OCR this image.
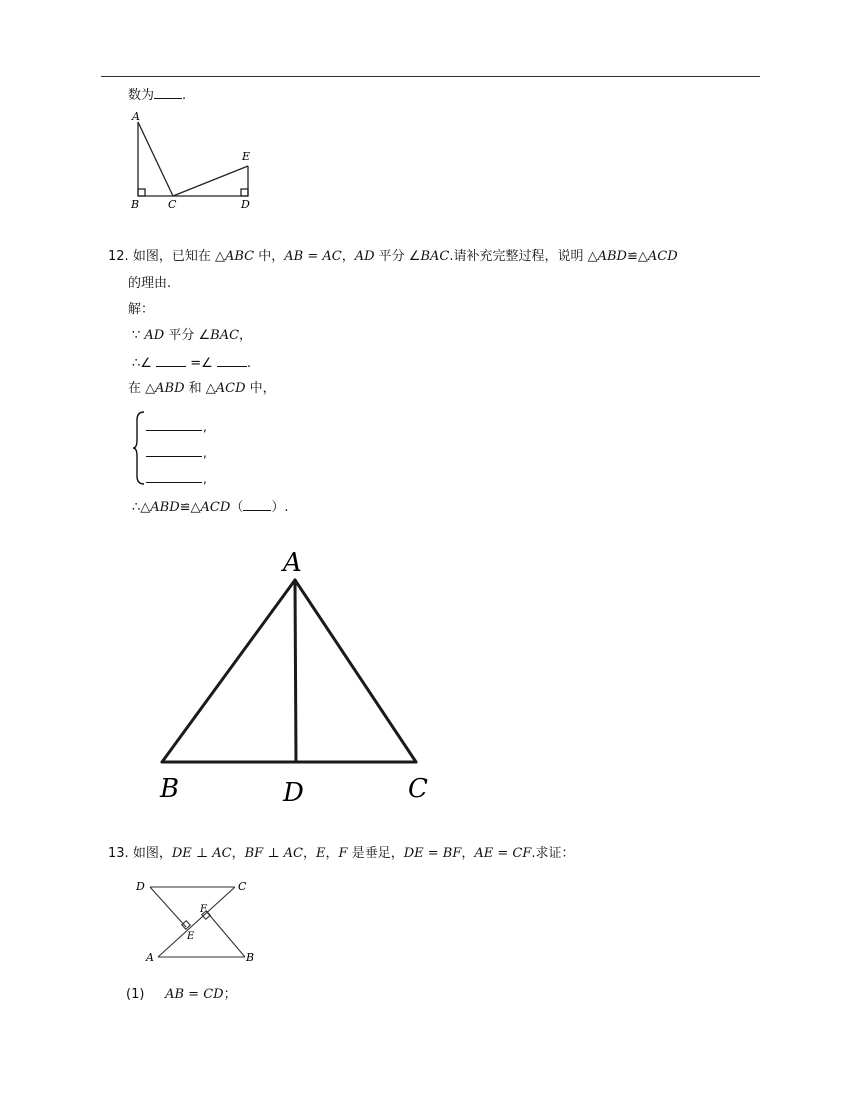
数为 .
A
E
B	C	D
12. 如图，已知在 △ABC 中，AB = AC，AD 平分 ∠BAC.请补充完整过程，说明 △ABD≌△ACD
的理由.
解：
∵ AD 平分 ∠BAC，
∴∠	=∠	.
在 △ABD 和 △ACD 中，
,
,
,
∴△ABD≌△ACD（ ）.
A
B	D	C
13. 如图，DE ⊥ AC，BF ⊥ AC，E，F 是垂足，DE = BF，AE = CF.求证：
D	C
F
E
A	B
(1) AB = CD；
